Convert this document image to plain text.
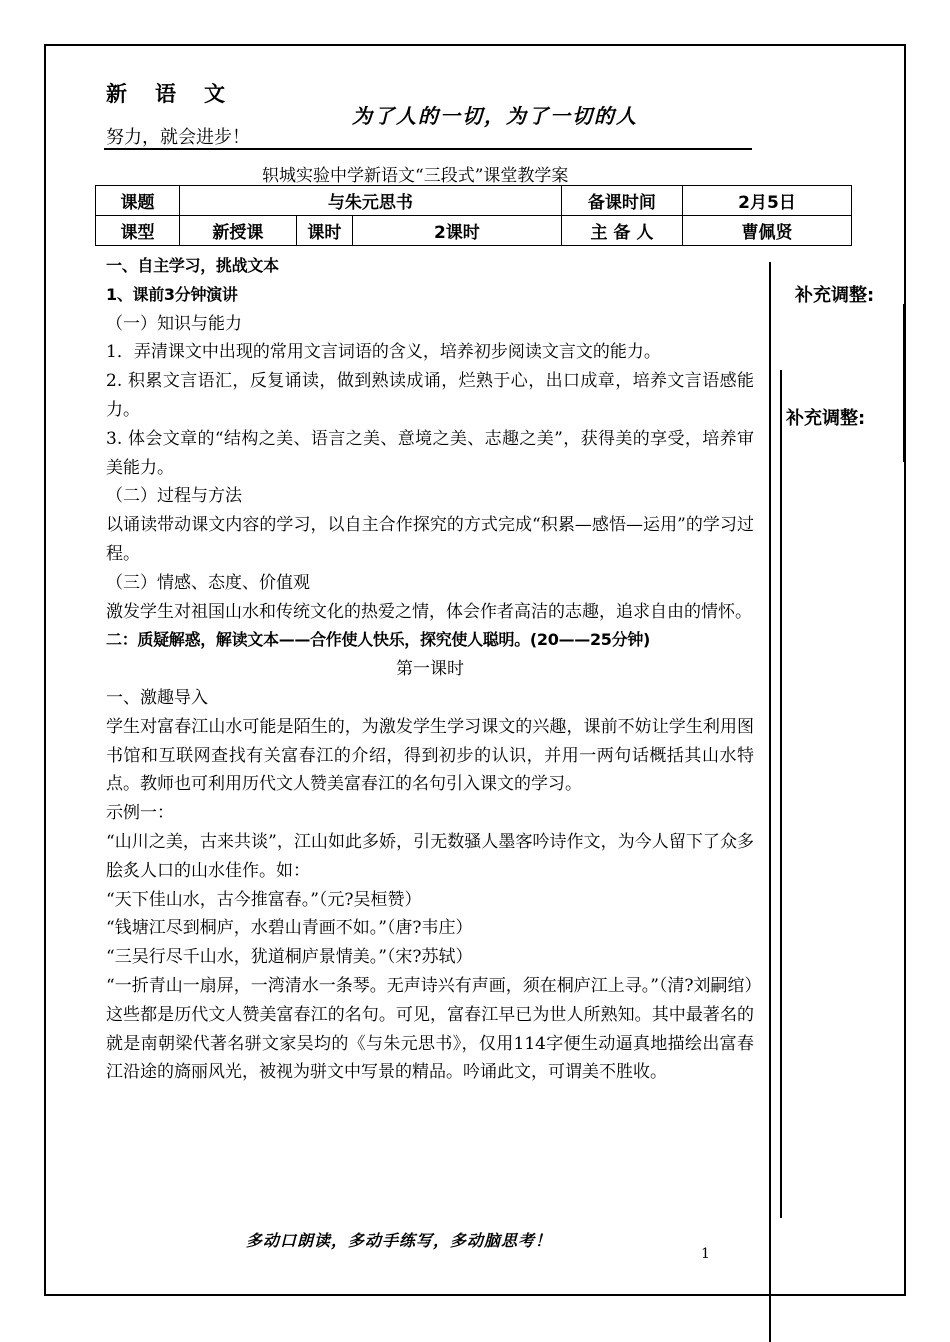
新语文
为了人的一切，为了一切的人
努力，就会进步！
轵城实验中学新语文“三段式”课堂教学案
课题	与朱元思书			备课时间	2月5日
课型	新授课	课时	2课时	主 备 人	曹佩贤
补充调整:
补充调整:

一、自主学习，挑战文本

1、课前3分钟演讲

（一）知识与能力

1．弄清课文中出现的常用文言词语的含义，培养初步阅读文言文的能力。

2. 积累文言语汇，反复诵读，做到熟读成诵，烂熟于心，出口成章，培养文言语感能力。

3. 体会文章的“结构之美、语言之美、意境之美、志趣之美”，获得美的享受，培养审美能力。

（二）过程与方法

以诵读带动课文内容的学习，以自主合作探究的方式完成“积累—感悟—运用”的学习过程。

（三）情感、态度、价值观

激发学生对祖国山水和传统文化的热爱之情，体会作者高洁的志趣，追求自由的情怀。

二：质疑解惑，解读文本——合作使人快乐，探究使人聪明。(20——25分钟)

第一课时

一、激趣导入

学生对富春江山水可能是陌生的，为激发学生学习课文的兴趣，课前不妨让学生利用图书馆和互联网查找有关富春江的介绍，得到初步的认识，并用一两句话概括其山水特点。教师也可利用历代文人赞美富春江的名句引入课文的学习。

示例一：

“山川之美，古来共谈”，江山如此多娇，引无数骚人墨客吟诗作文，为今人留下了众多脍炙人口的山水佳作。如：

“天下佳山水，古今推富春。”（元?吴桓赞）

“钱塘江尽到桐庐，水碧山青画不如。”（唐?韦庄）

“三吴行尽千山水，犹道桐庐景情美。”（宋?苏轼）

“一折青山一扇屏，一湾清水一条琴。无声诗兴有声画，须在桐庐江上寻。”（清?刘嗣绾）

这些都是历代文人赞美富春江的名句。可见，富春江早已为世人所熟知。其中最著名的就是南朝梁代著名骈文家吴均的《与朱元思书》，仅用114字便生动逼真地描绘出富春江沿途的旖丽风光，被视为骈文中写景的精品。吟诵此文，可谓美不胜收。

多动口朗读，多动手练写，多动脑思考！
1
